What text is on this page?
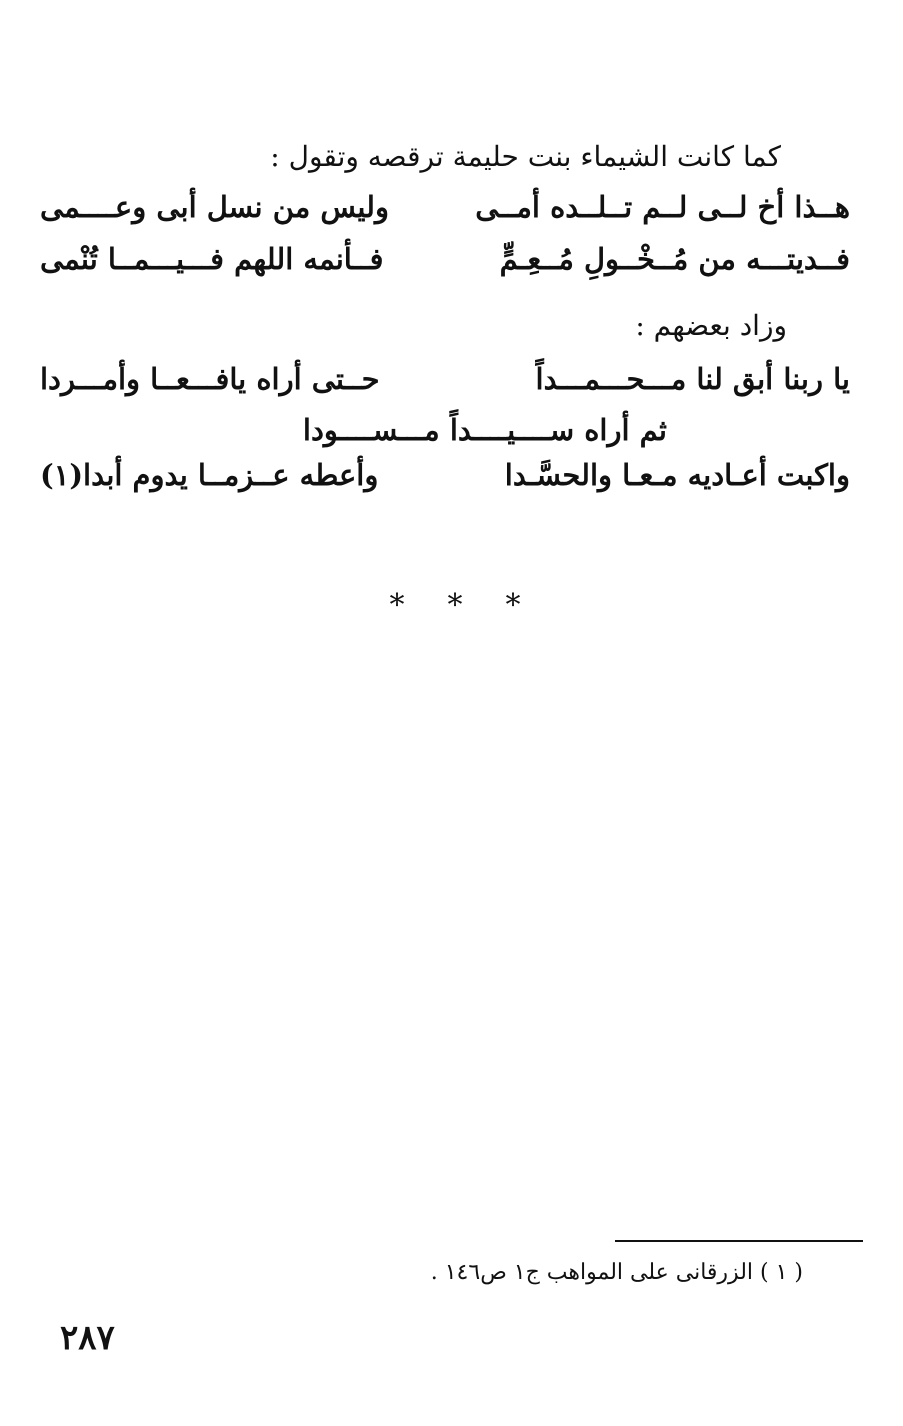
كما كانت الشيماء بنت حليمة ترقصه وتقول :
هــذا أخ لــى لــم تــلــده أمــى
وليس من نسل أبى وعــــمى
فــديتـــه من مُــخْــولِ مُــعِـمٍّ
فــأنمه اللهم فـــيـــمــا تُنْمى
وزاد بعضهم :
يا ربنا أبق لنا مـــحـــمـــداً
حــتى أراه يافـــعــا وأمـــردا
ثم أراه ســــيــــداً مـــســــودا
واكبت أعـاديه مـعـا والحسَّـدا
وأعطه عــزمــا يدوم أبدا(١)
* * *
( ١ ) الزرقانى على المواهب ج١ ص١٤٦ .
٢٨٧
